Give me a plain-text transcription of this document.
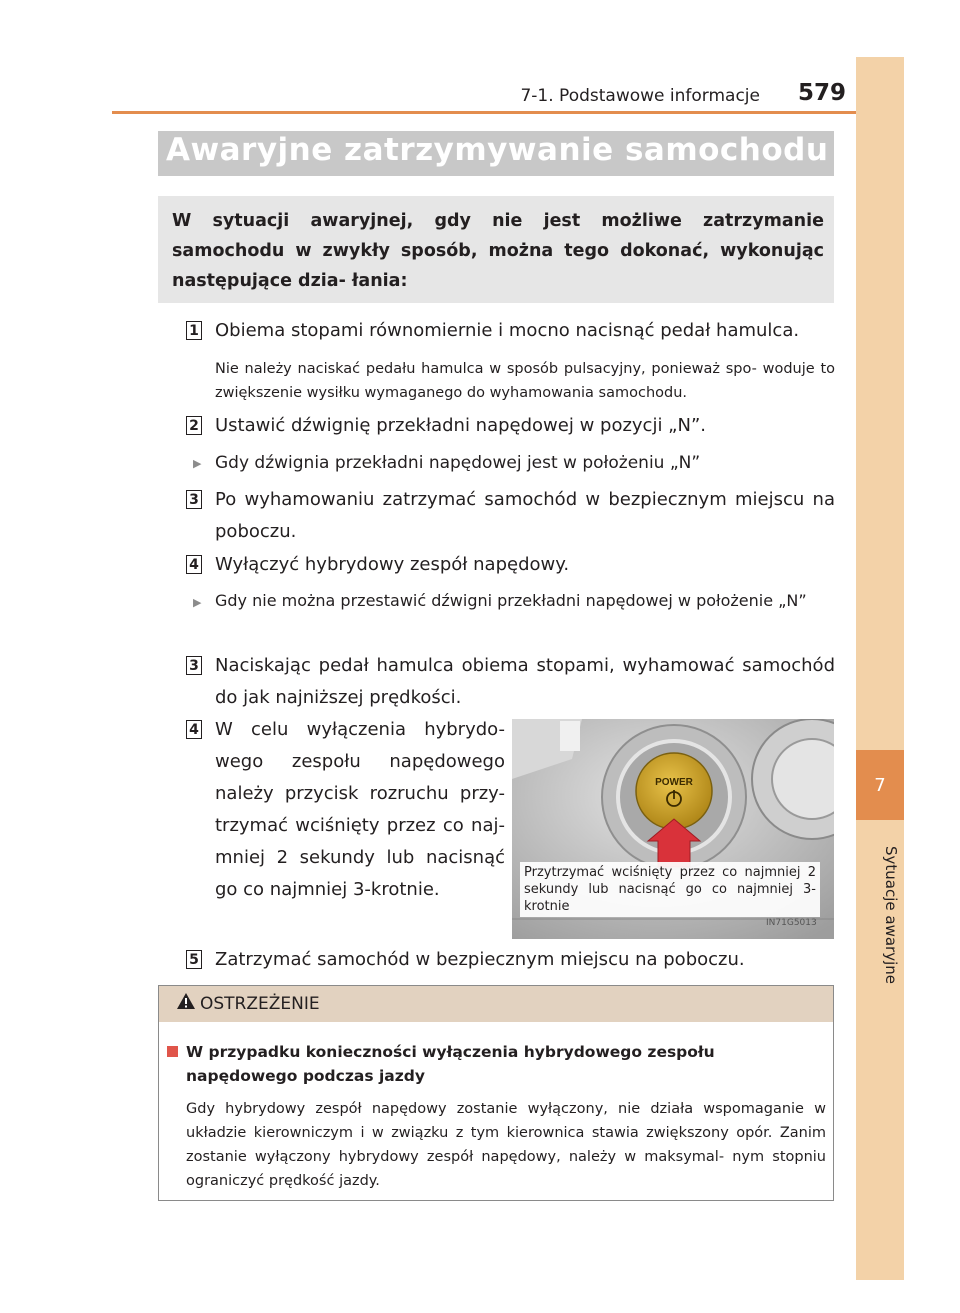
7
Sytuacje awaryjne
7-1. Podstawowe informacje 579
Awaryjne zatrzymywanie samochodu
W sytuacji awaryjnej, gdy nie jest możliwe zatrzymanie samochodu w zwykły sposób, można tego dokonać, wykonując następujące dzia- łania:
1 Obiema stopami równomiernie i mocno nacisnąć pedał hamulca.
Nie należy naciskać pedału hamulca w sposób pulsacyjny, ponieważ spo- woduje to zwiększenie wysiłku wymaganego do wyhamowania samochodu.
2 Ustawić dźwignię przekładni napędowej w pozycji „N”.
▶ Gdy dźwignia przekładni napędowej jest w położeniu „N”
3 Po wyhamowaniu zatrzymać samochód w bezpiecznym miejscu na poboczu.
4 Wyłączyć hybrydowy zespół napędowy.
▶ Gdy nie można przestawić dźwigni przekładni napędowej w położenie „N”
3 Naciskając pedał hamulca obiema stopami, wyhamować samochód do jak najniższej prędkości.
4 W celu wyłączenia hybrydo- wego zespołu napędowego należy przycisk rozruchu przy- trzymać wciśnięty przez co naj- mniej 2 sekundy lub nacisnąć go co najmniej 3-krotnie.
POWER
Przytrzymać wciśnięty przez co najmniej 2 sekundy lub nacisnąć go co najmniej 3-krotnie
IN71G5013
5 Zatrzymać samochód w bezpiecznym miejscu na poboczu.
OSTRZEŻENIE
W przypadku konieczności wyłączenia hybrydowego zespołu napędowego podczas jazdy
Gdy hybrydowy zespół napędowy zostanie wyłączony, nie działa wspomaganie w układzie kierowniczym i w związku z tym kierownica stawia zwiększony opór. Zanim zostanie wyłączony hybrydowy zespół napędowy, należy w maksymal- nym stopniu ograniczyć prędkość jazdy.
